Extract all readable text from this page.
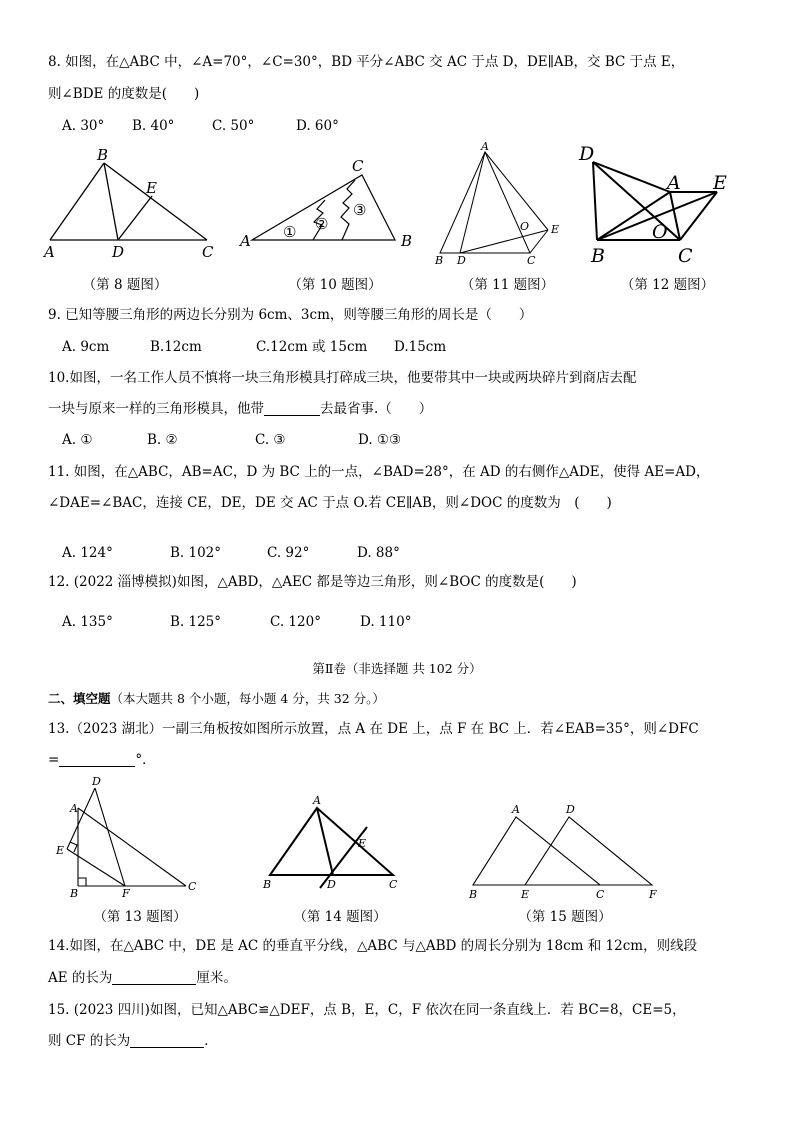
8. 如图，在△ABC 中，∠A=70°，∠C=30°，BD 平分∠ABC 交 AC 于点 D，DE∥AB，交 BC 于点 E，
则∠BDE 的度数是(　　)
A. 30° B. 40°	C. 50°	D. 60°
B
A	D	C
E
（第 8 题图）
A	B
C
① ②
③
（第 10 题图）
A
B D	C
E
O
（第 11 题图）
D
A E
O
B	C
（第 12 题图）
9. 已知等腰三角形的两边长分别为 6cm、3cm，则等腰三角形的周长是（　　）
A. 9cm	B.12cm	C.12cm 或 15cm D.15cm
10.如图，一名工作人员不慎将一块三角形模具打碎成三块，他要带其中一块或两块碎片到商店去配
一块与原来一样的三角形模具，他带	去最省事.（　　）
A. ①	B. ②	C. ③	D. ①③
11. 如图，在△ABC，AB=AC，D 为 BC 上的一点，∠BAD=28°，在 AD 的右侧作△ADE，使得 AE=AD，
∠DAE=∠BAC，连接 CE，DE，DE 交 AC 于点 O.若 CE∥AB，则∠DOC 的度数为　(　　)
A. 124°	B. 102°	C. 92°	D. 88°
12. (2022 淄博模拟)如图，△ABD，△AEC 都是等边三角形，则∠BOC 的度数是(　　)
A. 135°	B. 125°	C. 120°	D. 110°
第Ⅱ卷（非选择题 共 102 分）
二、填空题（本大题共 8 个小题，每小题 4 分，共 32 分。）
13.（2023 湖北）一副三角板按如图所示放置，点 A 在 DE 上，点 F 在 BC 上．若∠EAB=35°，则∠DFC
=	°．
D
A
E
B	F
C
（第 13 题图）
A
B	D	C
E
（第 14 题图）
A	D
B	E	C	F
（第 15 题图）
14.如图，在△ABC 中，DE 是 AC 的垂直平分线，△ABC 与△ABD 的周长分别为 18cm 和 12cm，则线段
AE 的长为	厘米。
15. (2023 四川)如图，已知△ABC≌△DEF，点 B，E，C，F 依次在同一条直线上．若 BC=8，CE=5，
则 CF 的长为	．
